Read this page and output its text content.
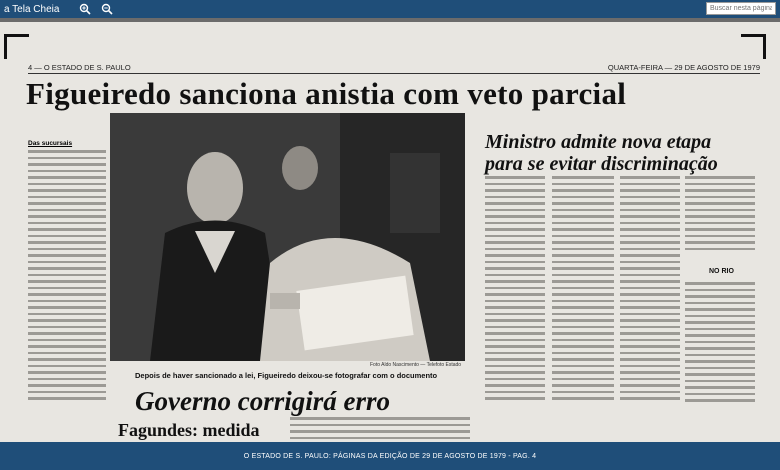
a Tela Cheia
Buscar nesta página
4 — O ESTADO DE S. PAULO	QUARTA-FEIRA — 29 DE AGOSTO DE 1979
Figueiredo sanciona anistia com veto parcial
Das sucursais
Foto Aldo Nascimento — Telefoto Estado
Depois de haver sancionado a lei, Figueiredo deixou-se fotografar com o documento
Ministro admite nova etapa para se evitar discriminação
NO RIO
Governo corrigirá erro
Fagundes: medida
O ESTADO DE S. PAULO: PÁGINAS DA EDIÇÃO DE 29 DE AGOSTO DE 1979 - PAG. 4
